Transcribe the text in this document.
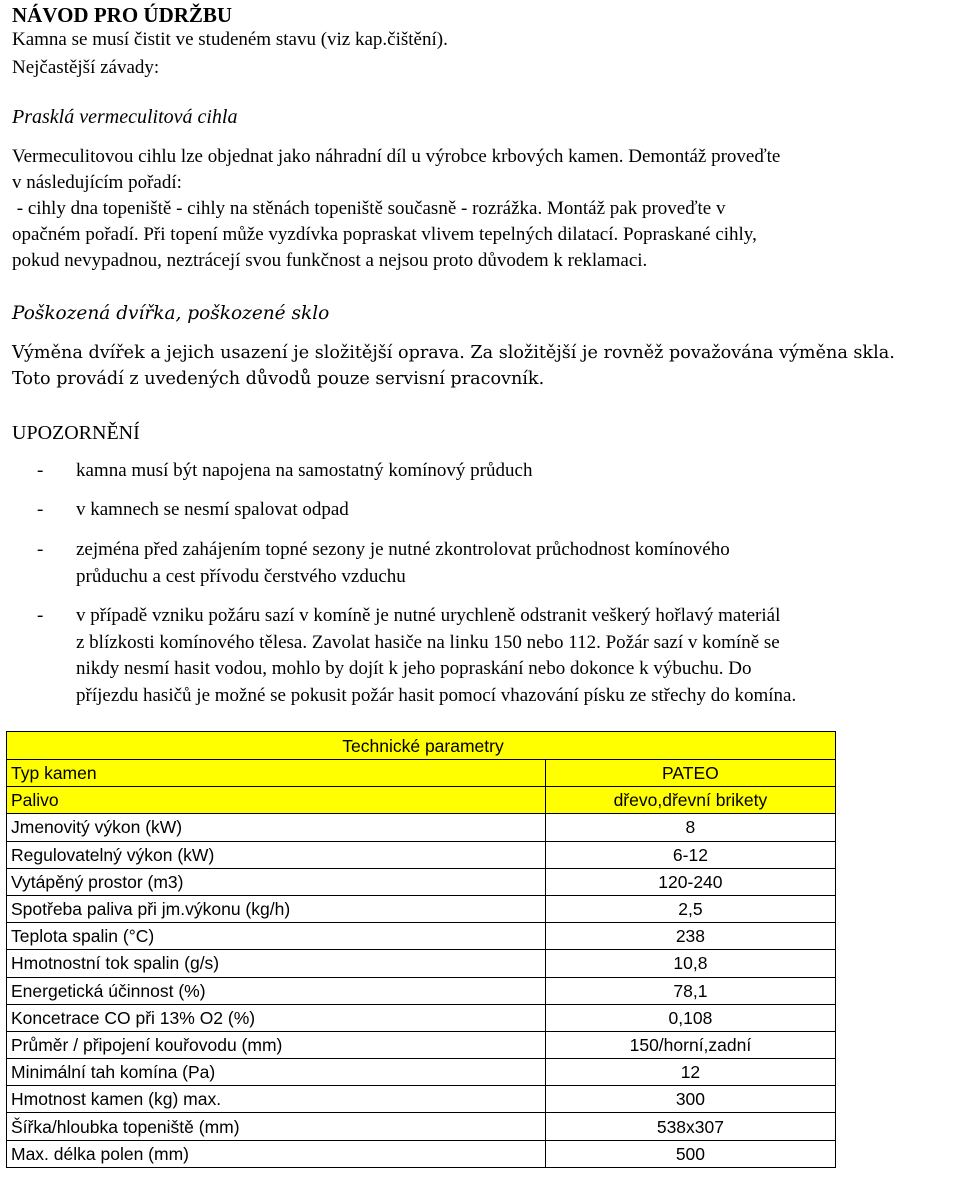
NÁVOD PRO ÚDRŽBU
Kamna se musí čistit ve studeném stavu (viz kap.čištění).
Nejčastější závady:
Prasklá vermeculitová cihla
Vermeculitovou cihlu lze objednat jako náhradní díl u výrobce krbových kamen. Demontáž proveďte
v následujícím pořadí:
- cihly dna topeniště - cihly na stěnách topeniště současně - rozrážka. Montáž pak proveďte v
opačném pořadí. Při topení může vyzdívka popraskat vlivem tepelných dilatací. Popraskané cihly,
pokud nevypadnou, neztrácejí svou funkčnost a nejsou proto důvodem k reklamaci.
Poškozená dvířka, poškozené sklo
Výměna dvířek a jejich usazení je složitější oprava. Za složitější je rovněž považována výměna skla.
Toto provádí z uvedených důvodů pouze servisní pracovník.
UPOZORNĚNÍ
- kamna musí být napojena na samostatný komínový průduch
- v kamnech se nesmí spalovat odpad
- zejména před zahájením topné sezony je nutné zkontrolovat průchodnost komínového
průduchu a cest přívodu čerstvého vzduchu
- v případě vzniku požáru sazí v komíně je nutné urychleně odstranit veškerý hořlavý materiál
z blízkosti komínového tělesa. Zavolat hasiče na linku 150 nebo 112. Požár sazí v komíně se
nikdy nesmí hasit vodou, mohlo by dojít k jeho popraskání nebo dokonce k výbuchu. Do
příjezdu hasičů je možné se pokusit požár hasit pomocí vhazování písku ze střechy do komína.
Technické parametry	
Typ kamen	PATEO
Palivo	dřevo,dřevní brikety
Jmenovitý výkon (kW)	8
Regulovatelný výkon (kW)	6-12
Vytápěný prostor (m3)	120-240
Spotřeba paliva při jm.výkonu (kg/h)	2,5
Teplota spalin (°C)	238
Hmotnostní tok spalin (g/s)	10,8
Energetická účinnost (%)	78,1
Koncetrace CO při 13% O2 (%)	0,108
Průměr / připojení kouřovodu (mm)	150/horní,zadní
Minimální tah komína (Pa)	12
Hmotnost kamen (kg) max.	300
Šířka/hloubka topeniště (mm)	538x307
Max. délka polen (mm)	500
